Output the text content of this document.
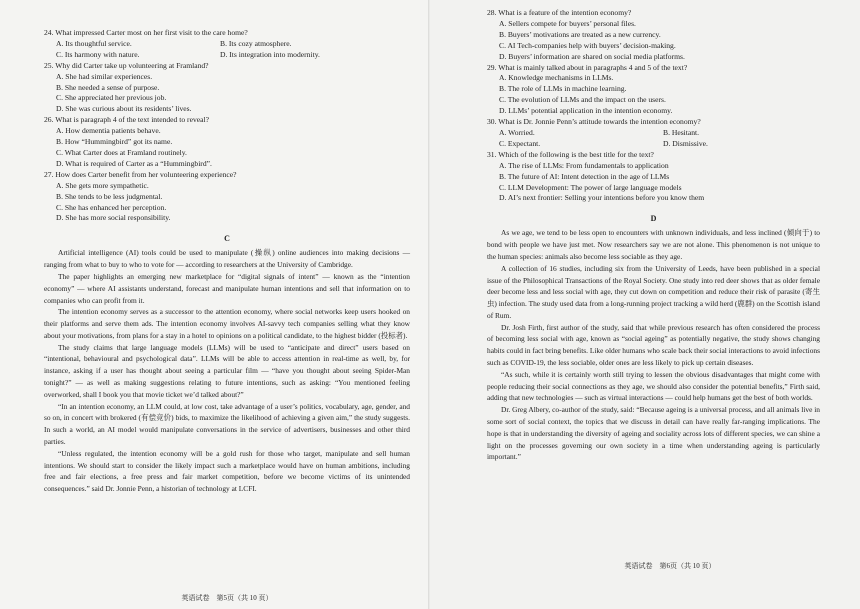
24. What impressed Carter most on her first visit to the care home?

A. Its thoughtful service.	B. Its cozy atmosphere.

C. Its harmony with nature.	D. Its integration into modernity.

25. Why did Carter take up volunteering at Framland?

A. She had similar experiences.

B. She needed a sense of purpose.

C. She appreciated her previous job.

D. She was curious about its residents’ lives.

26. What is paragraph 4 of the text intended to reveal?

A. How dementia patients behave.

B. How “Hummingbird” got its name.

C. What Carter does at Framland routinely.

D. What is required of Carter as a “Hummingbird”.

27. How does Carter benefit from her volunteering experience?

A. She gets more sympathetic.

B. She tends to be less judgmental.

C. She has enhanced her perception.

D. She has more social responsibility.

C

Artificial intelligence (AI) tools could be used to manipulate (操纵) online audiences into making decisions — ranging from what to buy to who to vote for — according to researchers at the University of Cambridge.

The paper highlights an emerging new marketplace for “digital signals of intent” — known as the “intention economy” — where AI assistants understand, forecast and manipulate human intentions and sell that information on to companies who can profit from it.

The intention economy serves as a successor to the attention economy, where social networks keep users hooked on their platforms and serve them ads. The intention economy involves AI-savvy tech companies selling what they know about your motivations, from plans for a stay in a hotel to opinions on a political candidate, to the highest bidder (投标者).

The study claims that large language models (LLMs) will be used to “anticipate and direct” users based on “intentional, behavioural and psychological data”. LLMs will be able to access attention in real-time as well, by, for instance, asking if a user has thought about seeing a particular film — “have you thought about seeing Spider-Man tonight?” — as well as making suggestions relating to future intentions, such as asking: “You mentioned feeling overworked, shall I book you that movie ticket we’d talked about?”

“In an intention economy, an LLM could, at low cost, take advantage of a user’s politics, vocabulary, age, gender, and so on, in concert with brokered (有偿竞价) bids, to maximize the likelihood of achieving a given aim,” the study suggests. In such a world, an AI model would manipulate conversations in the service of advertisers, businesses and other third parties.

“Unless regulated, the intention economy will be a gold rush for those who target, manipulate and sell human intentions. We should start to consider the likely impact such a marketplace would have on human ambitions, including free and fair elections, a free press and fair market competition, before we become victims of its unintended consequences.” said Dr. Jonnie Penn, a historian of technology at LCFI.

英语试卷　第5页（共 10 页）

28. What is a feature of the intention economy?

A. Sellers compete for buyers’ personal files.

B. Buyers’ motivations are treated as a new currency.

C. AI Tech-companies help with buyers’ decision-making.

D. Buyers’ information are shared on social media platforms.

29. What is mainly talked about in paragraphs 4 and 5 of the text?

A. Knowledge mechanisms in LLMs.

B. The role of LLMs in machine learning.

C. The evolution of LLMs and the impact on the users.

D. LLMs’ potential application in the intention economy.

30. What is Dr. Jonnie Penn’s attitude towards the intention economy?

A. Worried.	B. Hesitant.

C. Expectant.	D. Dismissive.

31. Which of the following is the best title for the text?

A. The rise of LLMs: From fundamentals to application

B. The future of AI: Intent detection in the age of LLMs

C. LLM Development: The power of large language models

D. AI’s next frontier: Selling your intentions before you know them

D

As we age, we tend to be less open to encounters with unknown individuals, and less inclined (倾向于) to bond with people we have just met. Now researchers say we are not alone. This phenomenon is not unique to the human species: animals also become less sociable as they age.

A collection of 16 studies, including six from the University of Leeds, have been published in a special issue of the Philosophical Transactions of the Royal Society. One study into red deer shows that as older female deer become less and less social with age, they cut down on competition and reduce their risk of parasite (寄生虫) infection. The study used data from a long-running project tracking a wild herd (鹿群) on the Scottish island of Rum.

Dr. Josh Firth, first author of the study, said that while previous research has often considered the process of becoming less social with age, known as “social ageing” as potentially negative, the study shows changing habits could in fact bring benefits. Like older humans who scale back their social interactions to avoid infections such as COVID-19, the less sociable, older ones are less likely to pick up certain diseases.

“As such, while it is certainly worth still trying to lessen the obvious disadvantages that might come with people reducing their social connections as they age, we should also consider the potential benefits,” Firth said, adding that new technologies — such as virtual interactions — could help humans get the best of both worlds.

Dr. Greg Albery, co-author of the study, said: “Because ageing is a universal process, and all animals live in some sort of social context, the topics that we discuss in detail can have really far-ranging implications. The hope is that in understanding the diversity of ageing and sociality across lots of different species, we can shine a light on the processes governing our own society in a time when understanding ageing is particularly important.”

英语试卷　第6页（共 10 页）
